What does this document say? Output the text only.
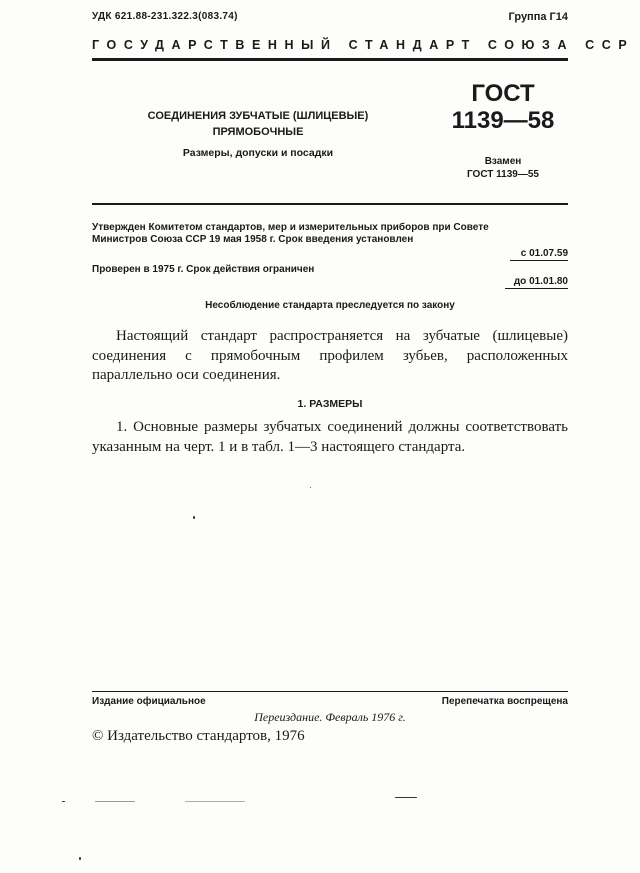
УДК 621.88-231.322.3(083.74)	Группа Г14
ГОСУДАРСТВЕННЫЙ СТАНДАРТ СОЮЗА ССР
СОЕДИНЕНИЯ ЗУБЧАТЫЕ (ШЛИЦЕВЫЕ)
ПРЯМОБОЧНЫЕ
Размеры, допуски и посадки
ГОСТ
1139—58
Взамен
ГОСТ 1139—55
Утвержден Комитетом стандартов, мер и измерительных приборов при Совете
Министров Союза ССР 19 мая 1958 г. Срок введения установлен
с 01.07.59
Проверен в 1975 г. Срок действия ограничен
до 01.01.80
Несоблюдение стандарта преследуется по закону
Настоящий стандарт распространяется на зубчатые (шлицевые) соединения с прямобочным профилем зубьев, расположенных параллельно оси соединения.
1. РАЗМЕРЫ
1. Основные размеры зубчатых соединений должны соответствовать указанным на черт. 1 и в табл. 1—3 настоящего стандарта.
Издание официальное	Перепечатка воспрещена
Переиздание. Февраль 1976 г.
© Издательство стандартов, 1976
